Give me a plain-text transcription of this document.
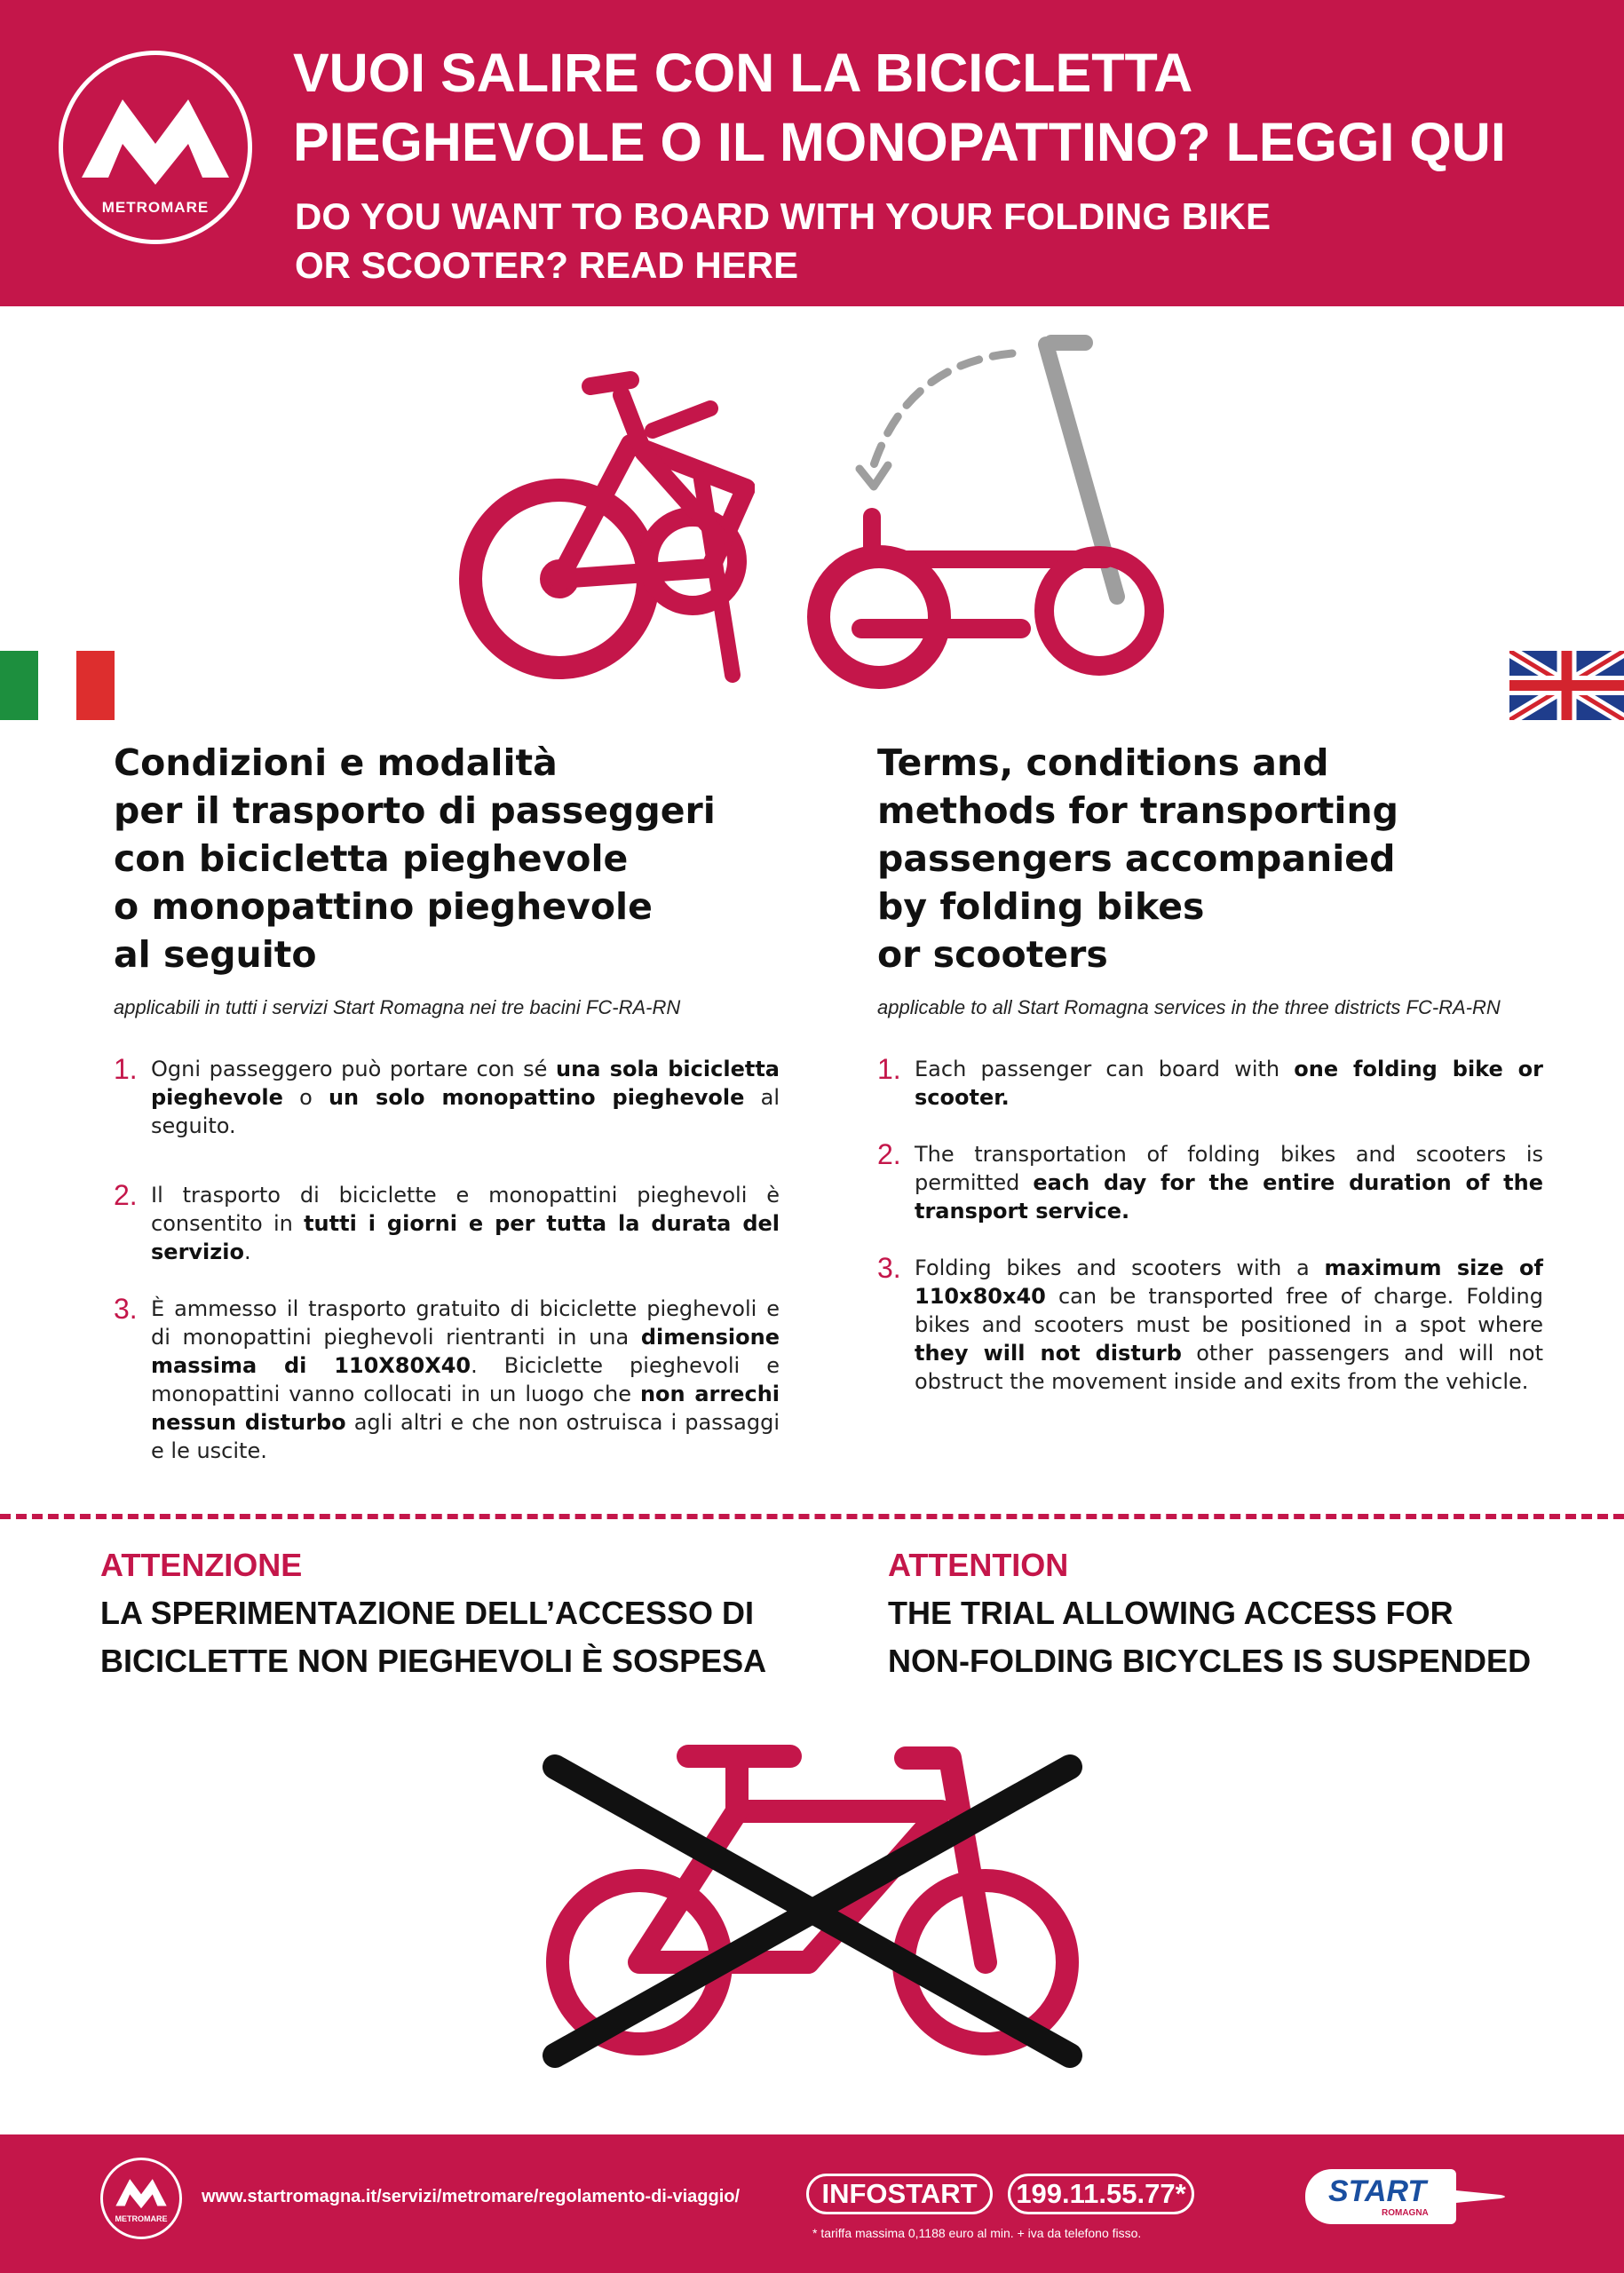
METROMARE
VUOI SALIRE CON LA BICICLETTA
PIEGHEVOLE O IL MONOPATTINO? LEGGI QUI
DO YOU WANT TO BOARD WITH YOUR FOLDING BIKE
OR SCOOTER? READ HERE
Condizioni e modalità
per il trasporto di passeggeri
con bicicletta pieghevole
o monopattino pieghevole
al seguito
applicabili in tutti i servizi Start Romagna nei tre bacini FC-RA-RN
1. Ogni passeggero può portare con sé una sola bicicletta pieghevole o un solo monopattino pieghevole al seguito.
2. Il trasporto di biciclette e monopattini pieghevoli è consentito in tutti i giorni e per tutta la durata del servizio.
3. È ammesso il trasporto gratuito di biciclette pieghevoli e di monopattini pieghevoli rientranti in una dimensione massima di 110X80X40. Biciclette pieghevoli e monopattini vanno collocati in un luogo che non arrechi nessun disturbo agli altri e che non ostruisca i passaggi e le uscite.
Terms, conditions and
methods for transporting
passengers accompanied
by folding bikes
or scooters
applicable to all Start Romagna services in the three districts FC-RA-RN
1. Each passenger can board with one folding bike or scooter.
2. The transportation of folding bikes and scooters is permitted each day for the entire duration of the transport service.
3. Folding bikes and scooters with a maximum size of 110x80x40 can be transported free of charge. Folding bikes and scooters must be positioned in a spot where they will not disturb other passengers and will not obstruct the movement inside and exits from the vehicle.
ATTENZIONE
LA SPERIMENTAZIONE DELL’ACCESSO DI
BICICLETTE NON PIEGHEVOLI È SOSPESA
ATTENTION
THE TRIAL ALLOWING ACCESS FOR
NON-FOLDING BICYCLES IS SUSPENDED
METROMARE
www.startromagna.it/servizi/metromare/regolamento-di-viaggio/	INFOSTART	199.11.55.77*
* tariffa massima 0,1188 euro al min. + iva da telefono fisso.
START
ROMAGNA
